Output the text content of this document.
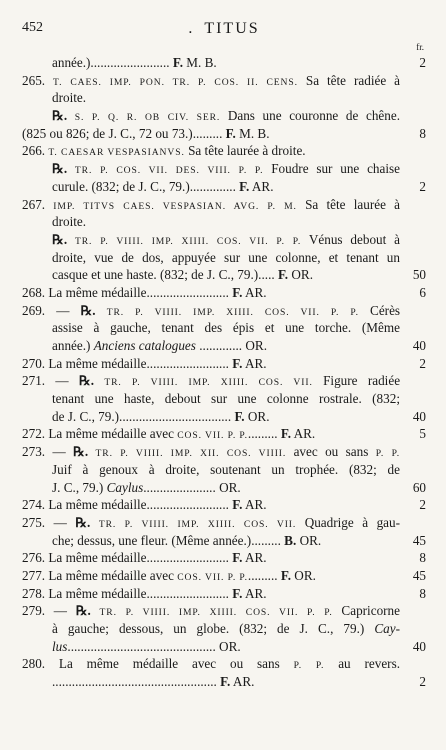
452	. TITUS
fr.
année.)........................ F. M. B.	2
265. T. CAES. IMP. PON. TR. P. COS. II. CENS. Sa tête radiée à
droite.
℞. S. P. Q. R. OB CIV. SER. Dans une couronne de chêne.
(825 ou 826; de J. C., 72 ou 73.)......... F. M. B.	8
266. T. CAESAR VESPASIANVS. Sa tête laurée à droite.
℞. TR. P. COS. VII. DES. VIII. P. P. Foudre sur une chaise
curule. (832; de J. C., 79.).............. F. AR.	2
267. IMP. TITVS CAES. VESPASIAN. AVG. P. M. Sa tête laurée à
droite.
℞. TR. P. VIIII. IMP. XIIII. COS. VII. P. P. Vénus debout à
droite, vue de dos, appuyée sur une colonne, et tenant un
casque et une haste. (832; de J. C., 79.)..... F. OR.	50
268. La même médaille......................... F. AR.	6
269. — ℞. TR. P. VIIII. IMP. XIIII. COS. VII. P. P. Cérès
assise à gauche, tenant des épis et une torche. (Même
année.) Anciens catalogues ............. OR.	40
270. La même médaille......................... F. AR.	2
271. — ℞. TR. P. VIIII. IMP. XIIII. COS. VII. Figure radiée
tenant une haste, debout sur une colonne rostrale. (832;
de J. C., 79.).................................. F. OR.	40
272. La même médaille avec COS. VII. P. P.......... F. AR.	5
273. — ℞. TR. P. VIIII. IMP. XII. COS. VIIII. avec ou sans P. P.
Juif à genoux à droite, soutenant un trophée. (832; de
J. C., 79.) Caylus...................... OR.	60
274. La même médaille......................... F. AR.	2
275. — ℞. TR. P. VIIII. IMP. XIIII. COS. VII. Quadrige à gau-
che; dessus, une fleur. (Même année.)......... B. OR.	45
276. La même médaille......................... F. AR.	8
277. La même médaille avec COS. VII. P. P.......... F. OR.	45
278. La même médaille......................... F. AR.	8
279. — ℞. TR. P. VIIII. IMP. XIIII. COS. VII. P. P. Capricorne
à gauche; dessous, un globe. (832; de J. C., 79.) Cay-
lus............................................. OR.	40
280. La même médaille avec ou sans P. P. au revers.
.................................................. F. AR.	2
